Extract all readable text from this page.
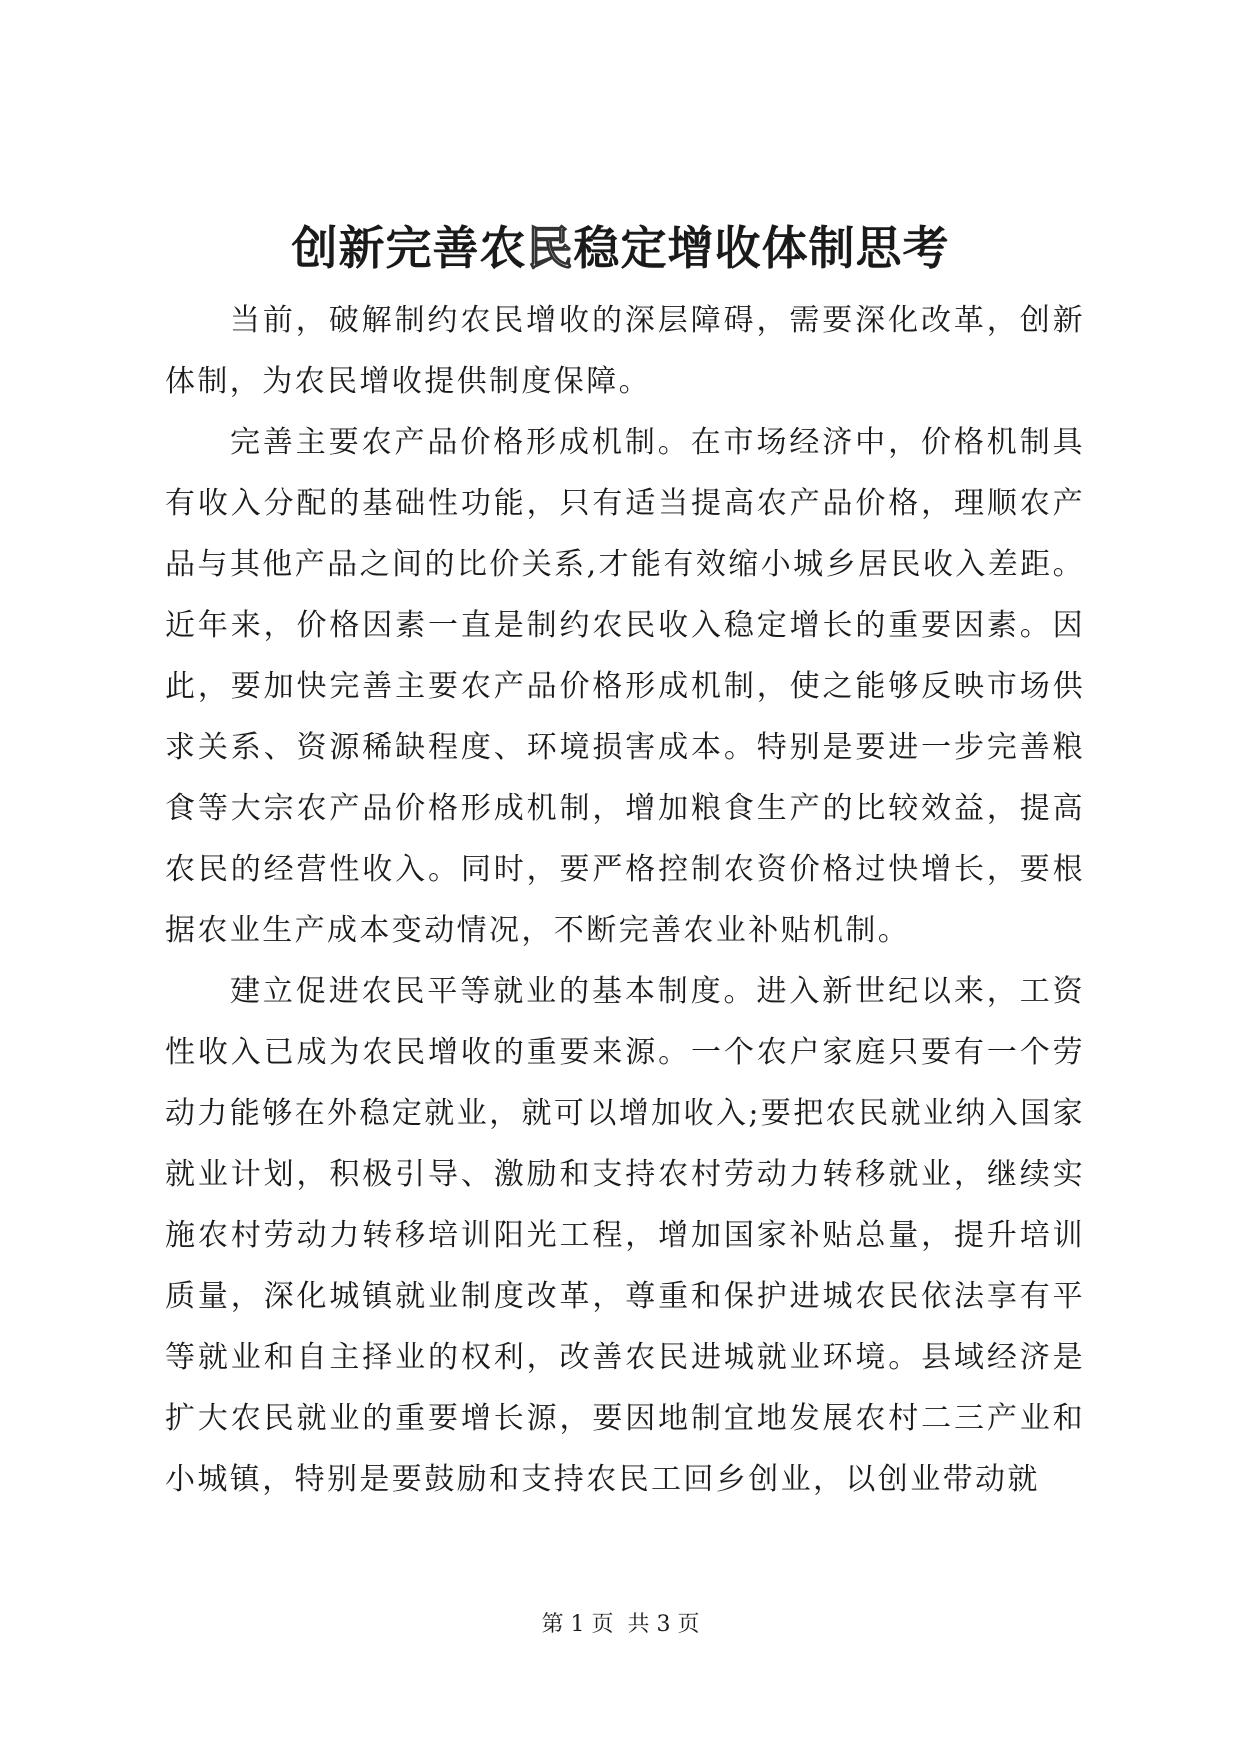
创新完善农民稳定增收体制思考

当前，破解制约农民增收的深层障碍，需要深化改革，创新体制，为农民增收提供制度保障。

完善主要农产品价格形成机制。在市场经济中，价格机制具有收入分配的基础性功能，只有适当提高农产品价格，理顺农产品与其他产品之间的比价关系,才能有效缩小城乡居民收入差距。近年来，价格因素一直是制约农民收入稳定增长的重要因素。因此，要加快完善主要农产品价格形成机制，使之能够反映市场供求关系、资源稀缺程度、环境损害成本。特别是要进一步完善粮食等大宗农产品价格形成机制，增加粮食生产的比较效益，提高农民的经营性收入。同时，要严格控制农资价格过快增长，要根据农业生产成本变动情况，不断完善农业补贴机制。

建立促进农民平等就业的基本制度。进入新世纪以来，工资性收入已成为农民增收的重要来源。一个农户家庭只要有一个劳动力能够在外稳定就业，就可以增加收入;要把农民就业纳入国家就业计划，积极引导、激励和支持农村劳动力转移就业，继续实施农村劳动力转移培训阳光工程，增加国家补贴总量，提升培训质量，深化城镇就业制度改革，尊重和保护进城农民依法享有平等就业和自主择业的权利，改善农民进城就业环境。县域经济是扩大农民就业的重要增长源，要因地制宜地发展农村二三产业和小城镇，特别是要鼓励和支持农民工回乡创业，以创业带动就

第 1 页  共 3 页
